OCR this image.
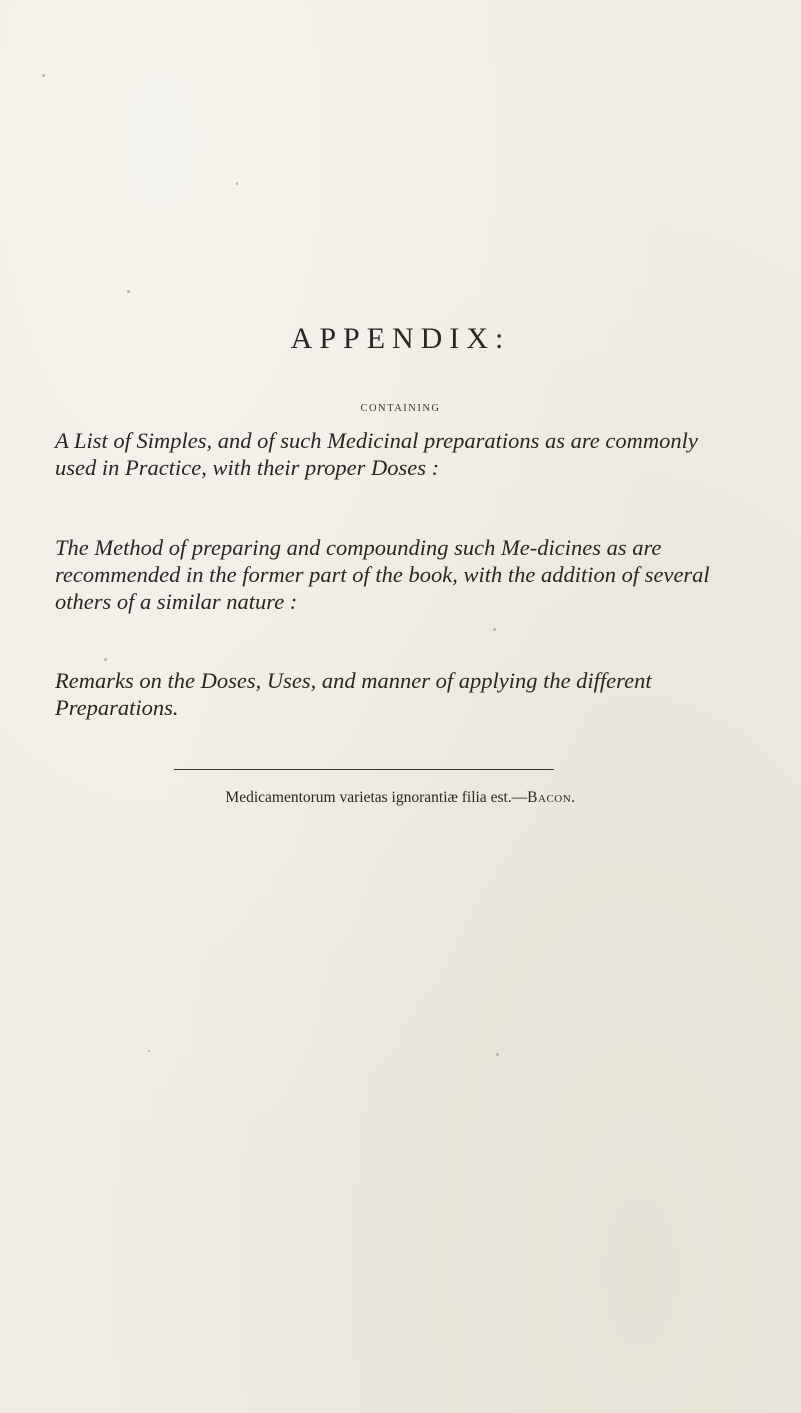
APPENDIX:
CONTAINING

A List of Simples, and of such Medicinal preparations as are commonly used in Practice, with their proper Doses :

The Method of preparing and compounding such Me-dicines as are recommended in the former part of the book, with the addition of several others of a similar nature :

Remarks on the Doses, Uses, and manner of applying the different Preparations.

Medicamentorum varietas ignorantiæ filia est.—Bacon.
